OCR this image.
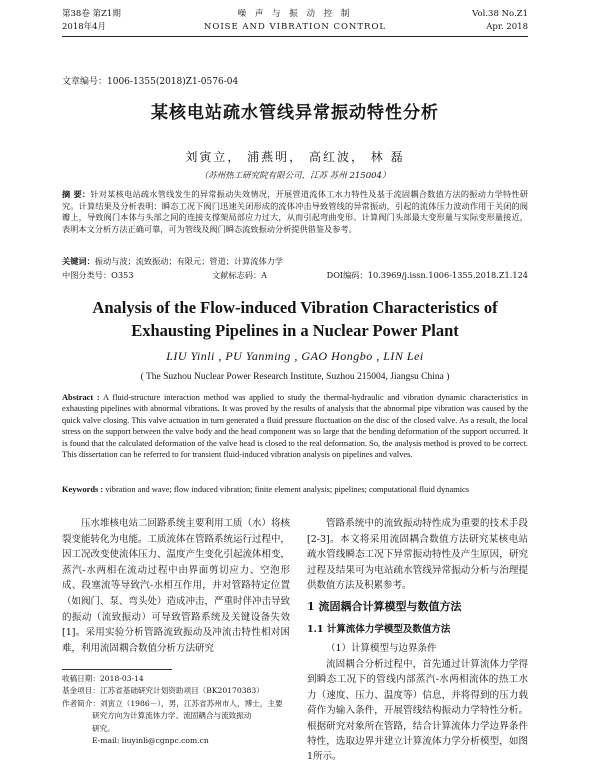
第38卷 第Z1期
2018年4月
噪 声 与 振 动 控 制
NOISE AND VIBRATION CONTROL
Vol.38 No.Z1
Apr. 2018
文章编号：1006-1355(2018)Z1-0576-04
某核电站疏水管线异常振动特性分析
刘寅立， 浦燕明， 高红波， 林 磊
（苏州热工研究院有限公司，江苏 苏州 215004）
摘 要：针对某核电站疏水管线发生的异常振动失效情况，开展管道流体工水力特性及基于流固耦合数值方法的振动力学特性研究。计算结果及分析表明：瞬态工况下阀门迅速关闭形成的流体冲击导致管线的异常振动，引起的流体压力波动作用于关闭的阀瓣上，导致阀门本体与头部之间的连接支撑架局部应力过大，从而引起弯曲变形。计算阀门头部最大变形量与实际变形量接近，表明本文分析方法正确可靠，可为管线及阀门瞬态流致振动分析提供借鉴及参考。
关键词：振动与波；流致振动；有限元；管道；计算流体力学
中图分类号：O353	文献标志码：A	DOI编码：10.3969/j.issn.1006-1355.2018.Z1.124
Analysis of the Flow-induced Vibration Characteristics of
Exhausting Pipelines in a Nuclear Power Plant
LIU Yinli , PU Yanming , GAO Hongbo , LIN Lei
( The Suzhou Nuclear Power Research Institute, Suzhou 215004, Jiangsu China )
Abstract : A fluid-structure interaction method was applied to study the thermal-hydraulic and vibration dynamic characteristics in exhausting pipelines with abnormal vibrations. It was proved by the results of analysis that the abnormal pipe vibration was caused by the quick valve closing. This valve actuation in turn generated a fluid pressure fluctuation on the disc of the closed valve. As a result, the local stress on the support between the valve body and the head component was so large that the bending deformation of the support occurred. It is found that the calculated deformation of the valve head is closed to the real deformation. So, the analysis method is proved to be correct. This dissertation can be referred to for transient fluid-induced vibration analysis on pipelines and valves.
Keywords : vibration and wave; flow induced vibration; finite element analysis; pipelines; computational fluid dynamics

压水堆核电站二回路系统主要利用工质（水）将核裂变能转化为电能。工质流体在管路系统运行过程中，因工况改变使流体压力、温度产生变化引起流体相变，蒸汽-水两相在流动过程中由界面剪切应力、空泡形成、段塞流等导致汽-水相互作用，并对管路特定位置（如阀门、泵、弯头处）造成冲击，严重时伴冲击导致的振动（流致振动）可导致管路系统及关键设备失效[1]。采用实验分析管路流致振动及冲流击特性相对困难，利用流固耦合数值分析方法研究

管路系统中的流致振动特性成为重要的技术手段[2-3]。本文将采用流固耦合数值方法研究某核电站疏水管线瞬态工况下异常振动特性及产生原因，研究过程及结果可为电站疏水管线异常振动分析与治理提供数值方法及积累参考。

1 流固耦合计算模型与数值方法
1.1 计算流体力学模型及数值方法
（1）计算模型与边界条件

流固耦合分析过程中，首先通过计算流体力学得到瞬态工况下的管线内部蒸汽-水两相流体的热工水力（速度、压力、温度等）信息，并将得到的压力载荷作为输入条件，开展管线结构振动力学特性分析。根据研究对象所在管路，结合计算流体力学边界条件特性，选取边界并建立计算流体力学分析模型，如图1所示。

收稿日期：2018-03-14
基金项目：江苏省基础研究计划资助项目（BK20170383）
作者简介：刘寅立（1986－），男，江苏省苏州市人，博士，主要
研究方向为计算流体力学、流固耦合与流致振动
研究。
E-mail: liuyinli@cgnpc.com.cn
